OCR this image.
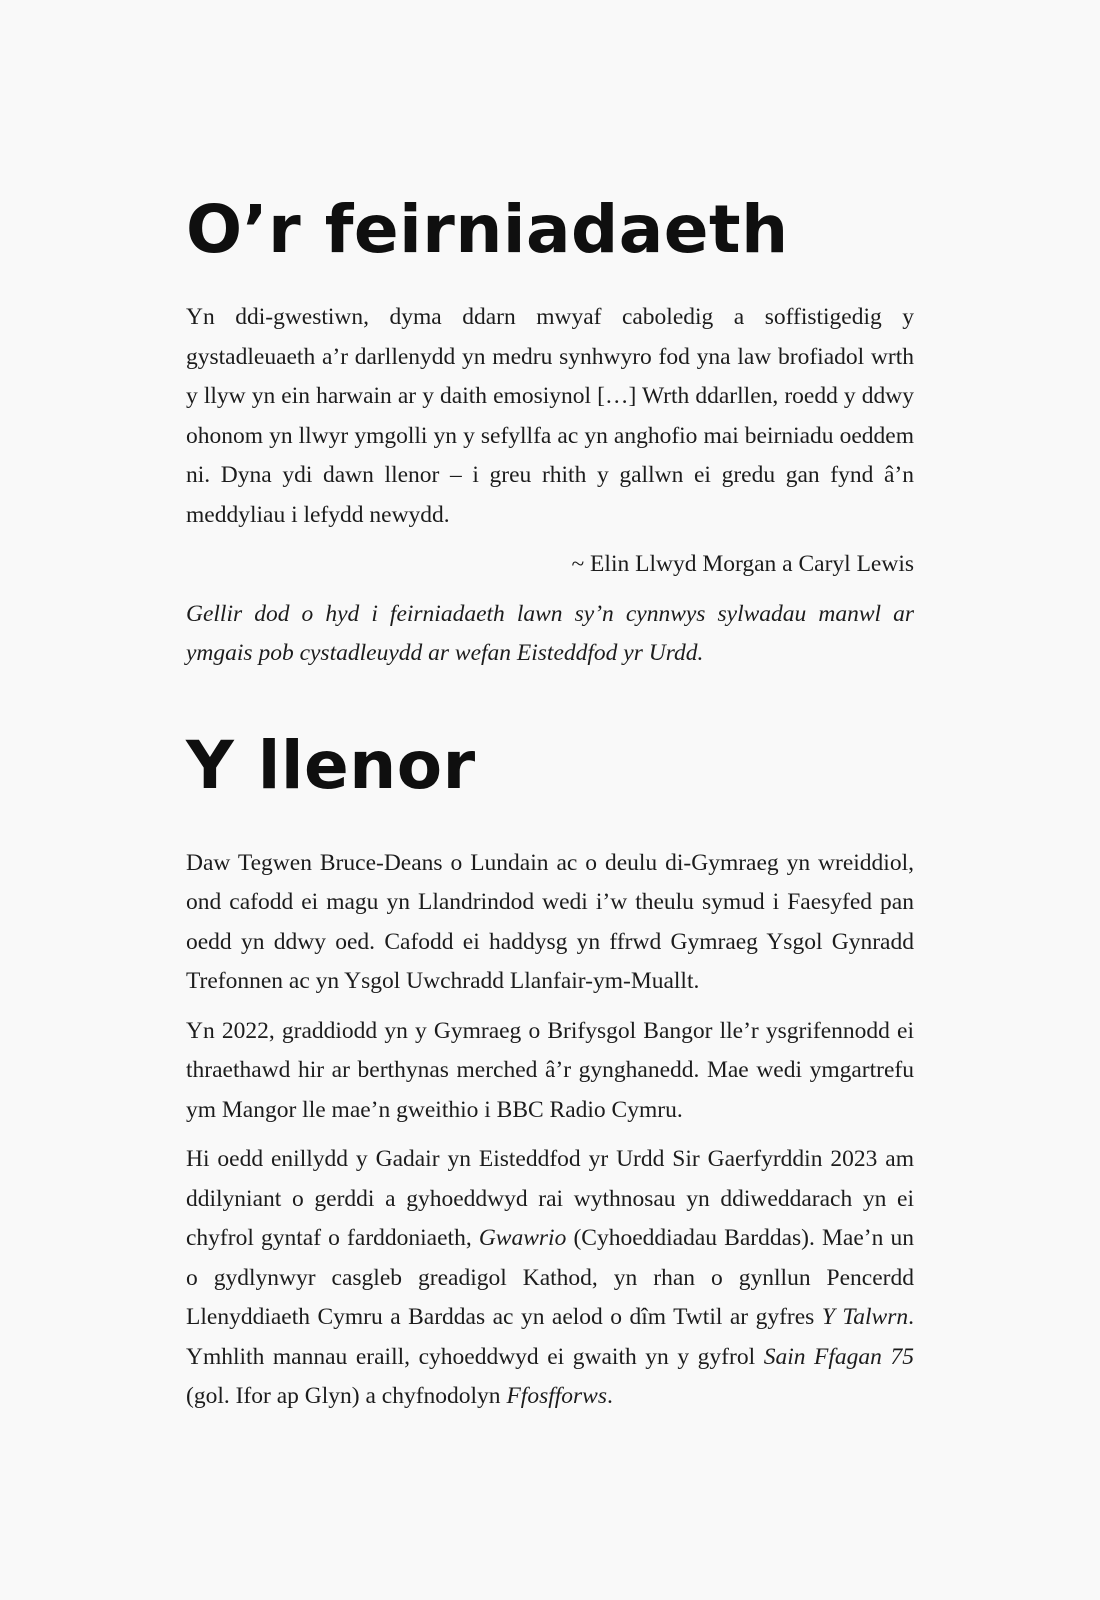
O’r feirniadaeth

Yn ddi-gwestiwn, dyma ddarn mwyaf caboledig a soffistigedig y gystadleuaeth a’r darllenydd yn medru synhwyro fod yna law brofiadol wrth y llyw yn ein harwain ar y daith emosiynol […] Wrth ddarllen, roedd y ddwy ohonom yn llwyr ymgolli yn y sefyllfa ac yn anghofio mai beirniadu oeddem ni. Dyna ydi dawn llenor – i greu rhith y gallwn ei gredu gan fynd â’n meddyliau i lefydd newydd.

~ Elin Llwyd Morgan a Caryl Lewis

Gellir dod o hyd i feirniadaeth lawn sy’n cynnwys sylwadau manwl ar ymgais pob cystadleuydd ar wefan Eisteddfod yr Urdd.

Y llenor

Daw Tegwen Bruce-Deans o Lundain ac o deulu di-Gymraeg yn wreiddiol, ond cafodd ei magu yn Llandrindod wedi i’w theulu symud i Faesyfed pan oedd yn ddwy oed. Cafodd ei haddysg yn ffrwd Gymraeg Ysgol Gynradd Trefonnen ac yn Ysgol Uwchradd Llanfair-ym-Muallt.

Yn 2022, graddiodd yn y Gymraeg o Brifysgol Bangor lle’r ysgrifennodd ei thraethawd hir ar berthynas merched â’r gynghanedd. Mae wedi ymgartrefu ym Mangor lle mae’n gweithio i BBC Radio Cymru.

Hi oedd enillydd y Gadair yn Eisteddfod yr Urdd Sir Gaerfyrddin 2023 am ddilyniant o gerddi a gyhoeddwyd rai wythnosau yn ddiweddarach yn ei chyfrol gyntaf o farddoniaeth, Gwawrio (Cyhoeddiadau Barddas). Mae’n un o gydlynwyr casgleb greadigol Kathod, yn rhan o gynllun Pencerdd Llenyddiaeth Cymru a Barddas ac yn aelod o dîm Twtil ar gyfres Y Talwrn. Ymhlith mannau eraill, cyhoeddwyd ei gwaith yn y gyfrol Sain Ffagan 75 (gol. Ifor ap Glyn) a chyfnodolyn Ffosfforws.
